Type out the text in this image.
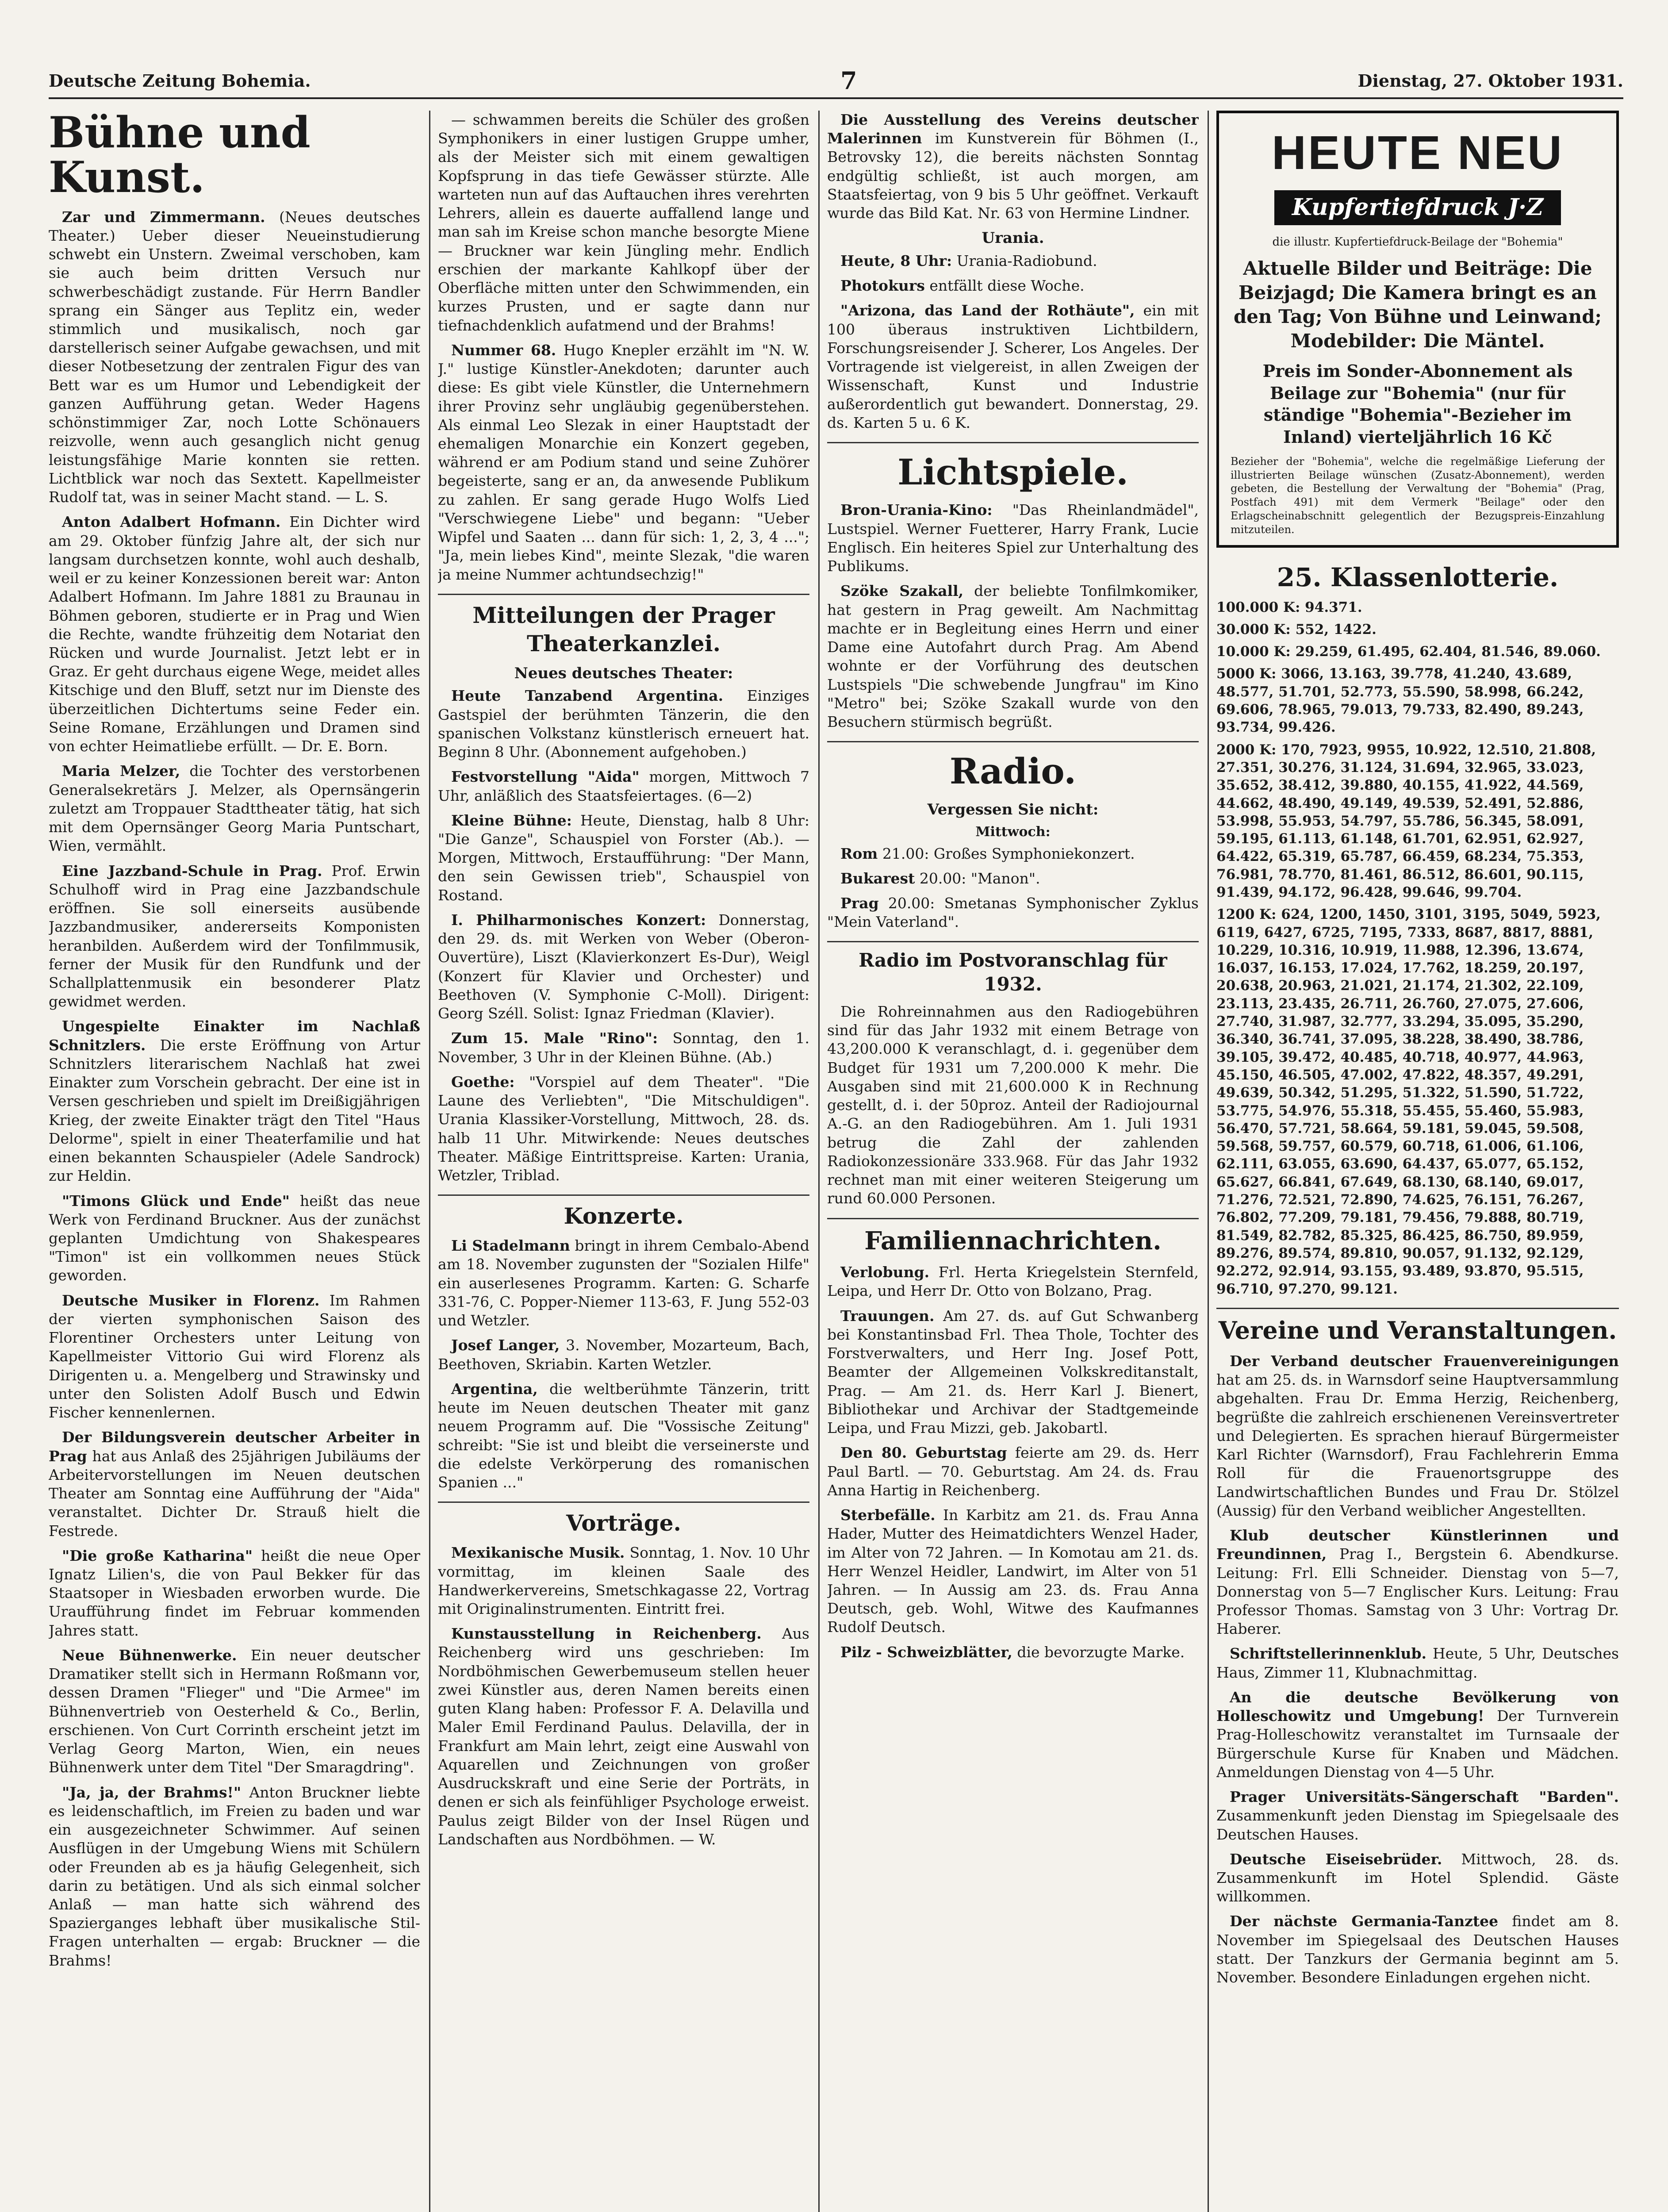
Deutsche Zeitung Bohemia.	7	Dienstag, 27. Oktober 1931.
Bühne und Kunst.

Zar und Zimmermann. (Neues deutsches Theater.) Ueber dieser Neueinstudierung schwebt ein Unstern. Zweimal verschoben, kam sie auch beim dritten Versuch nur schwerbeschädigt zustande. Für Herrn Bandler sprang ein Sänger aus Teplitz ein, weder stimmlich und musikalisch, noch gar darstellerisch seiner Aufgabe gewachsen, und mit dieser Notbesetzung der zentralen Figur des van Bett war es um Humor und Lebendigkeit der ganzen Aufführung getan. Weder Hagens schönstimmiger Zar, noch Lotte Schönauers reizvolle, wenn auch gesanglich nicht genug leistungsfähige Marie konnten sie retten. Lichtblick war noch das Sextett. Kapellmeister Rudolf tat, was in seiner Macht stand. — L. S.

Anton Adalbert Hofmann. Ein Dichter wird am 29. Oktober fünfzig Jahre alt, der sich nur langsam durchsetzen konnte, wohl auch deshalb, weil er zu keiner Konzessionen bereit war: Anton Adalbert Hofmann. Im Jahre 1881 zu Braunau in Böhmen geboren, studierte er in Prag und Wien die Rechte, wandte frühzeitig dem Notariat den Rücken und wurde Journalist. Jetzt lebt er in Graz. Er geht durchaus eigene Wege, meidet alles Kitschige und den Bluff, setzt nur im Dienste des überzeitlichen Dichtertums seine Feder ein. Seine Romane, Erzählungen und Dramen sind von echter Heimatliebe erfüllt. — Dr. E. Born.

Maria Melzer, die Tochter des verstorbenen Generalsekretärs J. Melzer, als Opernsängerin zuletzt am Troppauer Stadttheater tätig, hat sich mit dem Opernsänger Georg Maria Puntschart, Wien, vermählt.

Eine Jazzband-Schule in Prag. Prof. Erwin Schulhoff wird in Prag eine Jazzbandschule eröffnen. Sie soll einerseits ausübende Jazzbandmusiker, andererseits Komponisten heranbilden. Außerdem wird der Tonfilmmusik, ferner der Musik für den Rundfunk und der Schallplattenmusik ein besonderer Platz gewidmet werden.

Ungespielte Einakter im Nachlaß Schnitzlers. Die erste Eröffnung von Artur Schnitzlers literarischem Nachlaß hat zwei Einakter zum Vorschein gebracht. Der eine ist in Versen geschrieben und spielt im Dreißigjährigen Krieg, der zweite Einakter trägt den Titel "Haus Delorme", spielt in einer Theaterfamilie und hat einen bekannten Schauspieler (Adele Sandrock) zur Heldin.

"Timons Glück und Ende" heißt das neue Werk von Ferdinand Bruckner. Aus der zunächst geplanten Umdichtung von Shakespeares "Timon" ist ein vollkommen neues Stück geworden.

Deutsche Musiker in Florenz. Im Rahmen der vierten symphonischen Saison des Florentiner Orchesters unter Leitung von Kapellmeister Vittorio Gui wird Florenz als Dirigenten u. a. Mengelberg und Strawinsky und unter den Solisten Adolf Busch und Edwin Fischer kennenlernen.

Der Bildungsverein deutscher Arbeiter in Prag hat aus Anlaß des 25jährigen Jubiläums der Arbeitervorstellungen im Neuen deutschen Theater am Sonntag eine Aufführung der "Aida" veranstaltet. Dichter Dr. Strauß hielt die Festrede.

"Die große Katharina" heißt die neue Oper Ignatz Lilien's, die von Paul Bekker für das Staatsoper in Wiesbaden erworben wurde. Die Uraufführung findet im Februar kommenden Jahres statt.

Neue Bühnenwerke. Ein neuer deutscher Dramatiker stellt sich in Hermann Roßmann vor, dessen Dramen "Flieger" und "Die Armee" im Bühnenvertrieb von Oesterheld & Co., Berlin, erschienen. Von Curt Corrinth erscheint jetzt im Verlag Georg Marton, Wien, ein neues Bühnenwerk unter dem Titel "Der Smaragdring".

"Ja, ja, der Brahms!" Anton Bruckner liebte es leidenschaftlich, im Freien zu baden und war ein ausgezeichneter Schwimmer. Auf seinen Ausflügen in der Umgebung Wiens mit Schülern oder Freunden ab es ja häufig Gelegenheit, sich darin zu betätigen. Und als sich einmal solcher Anlaß — man hatte sich während des Spazierganges lebhaft über musikalische Stil-Fragen unterhalten — ergab: Bruckner — die Brahms!

— schwammen bereits die Schüler des großen Symphonikers in einer lustigen Gruppe umher, als der Meister sich mit einem gewaltigen Kopfsprung in das tiefe Gewässer stürzte. Alle warteten nun auf das Auftauchen ihres verehrten Lehrers, allein es dauerte auffallend lange und man sah im Kreise schon manche besorgte Miene — Bruckner war kein Jüngling mehr. Endlich erschien der markante Kahlkopf über der Oberfläche mitten unter den Schwimmenden, ein kurzes Prusten, und er sagte dann nur tiefnachdenklich aufatmend und der Brahms!

Nummer 68. Hugo Knepler erzählt im "N. W. J." lustige Künstler-Anekdoten; darunter auch diese: Es gibt viele Künstler, die Unternehmern ihrer Provinz sehr ungläubig gegenüberstehen. Als einmal Leo Slezak in einer Hauptstadt der ehemaligen Monarchie ein Konzert gegeben, während er am Podium stand und seine Zuhörer begeisterte, sang er an, da anwesende Publikum zu zahlen. Er sang gerade Hugo Wolfs Lied "Verschwiegene Liebe" und begann: "Ueber Wipfel und Saaten ... dann für sich: 1, 2, 3, 4 ..."; "Ja, mein liebes Kind", meinte Slezak, "die waren ja meine Nummer achtundsechzig!"

Mitteilungen der Prager Theaterkanzlei.
Neues deutsches Theater:

Heute Tanzabend Argentina. Einziges Gastspiel der berühmten Tänzerin, die den spanischen Volkstanz künstlerisch erneuert hat. Beginn 8 Uhr. (Abonnement aufgehoben.)

Festvorstellung "Aida" morgen, Mittwoch 7 Uhr, anläßlich des Staatsfeiertages. (6—2)

Kleine Bühne: Heute, Dienstag, halb 8 Uhr: "Die Ganze", Schauspiel von Forster (Ab.). — Morgen, Mittwoch, Erstaufführung: "Der Mann, den sein Gewissen trieb", Schauspiel von Rostand.

I. Philharmonisches Konzert: Donnerstag, den 29. ds. mit Werken von Weber (Oberon-Ouvertüre), Liszt (Klavierkonzert Es-Dur), Weigl (Konzert für Klavier und Orchester) und Beethoven (V. Symphonie C-Moll). Dirigent: Georg Széll. Solist: Ignaz Friedman (Klavier).

Zum 15. Male "Rino": Sonntag, den 1. November, 3 Uhr in der Kleinen Bühne. (Ab.)

Goethe: "Vorspiel auf dem Theater". "Die Laune des Verliebten", "Die Mitschuldigen". Urania Klassiker-Vorstellung, Mittwoch, 28. ds. halb 11 Uhr. Mitwirkende: Neues deutsches Theater. Mäßige Eintrittspreise. Karten: Urania, Wetzler, Triblad.

Konzerte.

Li Stadelmann bringt in ihrem Cembalo-Abend am 18. November zugunsten der "Sozialen Hilfe" ein auserlesenes Programm. Karten: G. Scharfe 331-76, C. Popper-Niemer 113-63, F. Jung 552-03 und Wetzler.

Josef Langer, 3. November, Mozarteum, Bach, Beethoven, Skriabin. Karten Wetzler.

Argentina, die weltberühmte Tänzerin, tritt heute im Neuen deutschen Theater mit ganz neuem Programm auf. Die "Vossische Zeitung" schreibt: "Sie ist und bleibt die verseinerste und die edelste Verkörperung des romanischen Spanien ..."

Vorträge.

Mexikanische Musik. Sonntag, 1. Nov. 10 Uhr vormittag, im kleinen Saale des Handwerkervereins, Smetschkagasse 22, Vortrag mit Originalinstrumenten. Eintritt frei.

Kunstausstellung in Reichenberg. Aus Reichenberg wird uns geschrieben: Im Nordböhmischen Gewerbemuseum stellen heuer zwei Künstler aus, deren Namen bereits einen guten Klang haben: Professor F. A. Delavilla und Maler Emil Ferdinand Paulus. Delavilla, der in Frankfurt am Main lehrt, zeigt eine Auswahl von Aquarellen und Zeichnungen von großer Ausdruckskraft und eine Serie der Porträts, in denen er sich als feinfühliger Psychologe erweist. Paulus zeigt Bilder von der Insel Rügen und Landschaften aus Nordböhmen. — W.

Die Ausstellung des Vereins deutscher Malerinnen im Kunstverein für Böhmen (I., Betrovsky 12), die bereits nächsten Sonntag endgültig schließt, ist auch morgen, am Staatsfeiertag, von 9 bis 5 Uhr geöffnet. Verkauft wurde das Bild Kat. Nr. 63 von Hermine Lindner.

Urania.

Heute, 8 Uhr: Urania-Radiobund.

Photokurs entfällt diese Woche.

"Arizona, das Land der Rothäute", ein mit 100 überaus instruktiven Lichtbildern, Forschungsreisender J. Scherer, Los Angeles. Der Vortragende ist vielgereist, in allen Zweigen der Wissenschaft, Kunst und Industrie außerordentlich gut bewandert. Donnerstag, 29. ds. Karten 5 u. 6 K.

Lichtspiele.

Bron-Urania-Kino: "Das Rheinlandmädel", Lustspiel. Werner Fuetterer, Harry Frank, Lucie Englisch. Ein heiteres Spiel zur Unterhaltung des Publikums.

Szöke Szakall, der beliebte Tonfilmkomiker, hat gestern in Prag geweilt. Am Nachmittag machte er in Begleitung eines Herrn und einer Dame eine Autofahrt durch Prag. Am Abend wohnte er der Vorführung des deutschen Lustspiels "Die schwebende Jungfrau" im Kino "Metro" bei; Szöke Szakall wurde von den Besuchern stürmisch begrüßt.

Radio.
Vergessen Sie nicht:
Mittwoch:

Rom 21.00: Großes Symphoniekonzert.

Bukarest 20.00: "Manon".

Prag 20.00: Smetanas Symphonischer Zyklus "Mein Vaterland".

Radio im Postvoranschlag für 1932.

Die Rohreinnahmen aus den Radiogebühren sind für das Jahr 1932 mit einem Betrage von 43,200.000 K veranschlagt, d. i. gegenüber dem Budget für 1931 um 7,200.000 K mehr. Die Ausgaben sind mit 21,600.000 K in Rechnung gestellt, d. i. der 50proz. Anteil der Radiojournal A.-G. an den Radiogebühren. Am 1. Juli 1931 betrug die Zahl der zahlenden Radiokonzessionäre 333.968. Für das Jahr 1932 rechnet man mit einer weiteren Steigerung um rund 60.000 Personen.

Familiennachrichten.

Verlobung. Frl. Herta Kriegelstein Sternfeld, Leipa, und Herr Dr. Otto von Bolzano, Prag.

Trauungen. Am 27. ds. auf Gut Schwanberg bei Konstantinsbad Frl. Thea Thole, Tochter des Forstverwalters, und Herr Ing. Josef Pott, Beamter der Allgemeinen Volkskreditanstalt, Prag. — Am 21. ds. Herr Karl J. Bienert, Bibliothekar und Archivar der Stadtgemeinde Leipa, und Frau Mizzi, geb. Jakobartl.

Den 80. Geburtstag feierte am 29. ds. Herr Paul Bartl. — 70. Geburtstag. Am 24. ds. Frau Anna Hartig in Reichenberg.

Sterbefälle. In Karbitz am 21. ds. Frau Anna Hader, Mutter des Heimatdichters Wenzel Hader, im Alter von 72 Jahren. — In Komotau am 21. ds. Herr Wenzel Heidler, Landwirt, im Alter von 51 Jahren. — In Aussig am 23. ds. Frau Anna Deutsch, geb. Wohl, Witwe des Kaufmannes Rudolf Deutsch.

Pilz - Schweizblätter, die bevorzugte Marke.

HEUTE NEU
Kupfertiefdruck J·Z
die illustr. Kupfertiefdruck-Beilage der "Bohemia"
Aktuelle Bilder und Beiträge: Die Beizjagd; Die Kamera bringt es an den Tag; Von Bühne und Leinwand; Modebilder: Die Mäntel.
Preis im Sonder-Abonnement als Beilage zur "Bohemia" (nur für ständige "Bohemia"-Bezieher im Inland) vierteljährlich 16 Kč
Bezieher der "Bohemia", welche die regelmäßige Lieferung der illustrierten Beilage wünschen (Zusatz-Abonnement), werden gebeten, die Bestellung der Verwaltung der "Bohemia" (Prag, Postfach 491) mit dem Vermerk "Beilage" oder den Erlagscheinabschnitt gelegentlich der Bezugspreis-Einzahlung mitzuteilen.
25. Klassenlotterie.
100.000 K: 94.371.
30.000 K: 552, 1422.
10.000 K: 29.259, 61.495, 62.404, 81.546, 89.060.
5000 K: 3066, 13.163, 39.778, 41.240, 43.689, 48.577, 51.701, 52.773, 55.590, 58.998, 66.242, 69.606, 78.965, 79.013, 79.733, 82.490, 89.243, 93.734, 99.426.
2000 K: 170, 7923, 9955, 10.922, 12.510, 21.808, 27.351, 30.276, 31.124, 31.694, 32.965, 33.023, 35.652, 38.412, 39.880, 40.155, 41.922, 44.569, 44.662, 48.490, 49.149, 49.539, 52.491, 52.886, 53.998, 55.953, 54.797, 55.786, 56.345, 58.091, 59.195, 61.113, 61.148, 61.701, 62.951, 62.927, 64.422, 65.319, 65.787, 66.459, 68.234, 75.353, 76.981, 78.770, 81.461, 86.512, 86.601, 90.115, 91.439, 94.172, 96.428, 99.646, 99.704.
1200 K: 624, 1200, 1450, 3101, 3195, 5049, 5923, 6119, 6427, 6725, 7195, 7333, 8687, 8817, 8881, 10.229, 10.316, 10.919, 11.988, 12.396, 13.674, 16.037, 16.153, 17.024, 17.762, 18.259, 20.197, 20.638, 20.963, 21.021, 21.174, 21.302, 22.109, 23.113, 23.435, 26.711, 26.760, 27.075, 27.606, 27.740, 31.987, 32.777, 33.294, 35.095, 35.290, 36.340, 36.741, 37.095, 38.228, 38.490, 38.786, 39.105, 39.472, 40.485, 40.718, 40.977, 44.963, 45.150, 46.505, 47.002, 47.822, 48.357, 49.291, 49.639, 50.342, 51.295, 51.322, 51.590, 51.722, 53.775, 54.976, 55.318, 55.455, 55.460, 55.983, 56.470, 57.721, 58.664, 59.181, 59.045, 59.508, 59.568, 59.757, 60.579, 60.718, 61.006, 61.106, 62.111, 63.055, 63.690, 64.437, 65.077, 65.152, 65.627, 66.841, 67.649, 68.130, 68.140, 69.017, 71.276, 72.521, 72.890, 74.625, 76.151, 76.267, 76.802, 77.209, 79.181, 79.456, 79.888, 80.719, 81.549, 82.782, 85.325, 86.425, 86.750, 89.959, 89.276, 89.574, 89.810, 90.057, 91.132, 92.129, 92.272, 92.914, 93.155, 93.489, 93.870, 95.515, 96.710, 97.270, 99.121.
Vereine und Veranstaltungen.

Der Verband deutscher Frauenvereinigungen hat am 25. ds. in Warnsdorf seine Hauptversammlung abgehalten. Frau Dr. Emma Herzig, Reichenberg, begrüßte die zahlreich erschienenen Vereinsvertreter und Delegierten. Es sprachen hierauf Bürgermeister Karl Richter (Warnsdorf), Frau Fachlehrerin Emma Roll für die Frauenortsgruppe des Landwirtschaftlichen Bundes und Frau Dr. Stölzel (Aussig) für den Verband weiblicher Angestellten.

Klub deutscher Künstlerinnen und Freundinnen, Prag I., Bergstein 6. Abendkurse. Leitung: Frl. Elli Schneider. Dienstag von 5—7, Donnerstag von 5—7 Englischer Kurs. Leitung: Frau Professor Thomas. Samstag von 3 Uhr: Vortrag Dr. Haberer.

Schriftstellerinnenklub. Heute, 5 Uhr, Deutsches Haus, Zimmer 11, Klubnachmittag.

An die deutsche Bevölkerung von Holleschowitz und Umgebung! Der Turnverein Prag-Holleschowitz veranstaltet im Turnsaale der Bürgerschule Kurse für Knaben und Mädchen. Anmeldungen Dienstag von 4—5 Uhr.

Prager Universitäts-Sängerschaft "Barden". Zusammenkunft jeden Dienstag im Spiegelsaale des Deutschen Hauses.

Deutsche Eiseisebrüder. Mittwoch, 28. ds. Zusammenkunft im Hotel Splendid. Gäste willkommen.

Der nächste Germania-Tanztee findet am 8. November im Spiegelsaal des Deutschen Hauses statt. Der Tanzkurs der Germania beginnt am 5. November. Besondere Einladungen ergehen nicht.
